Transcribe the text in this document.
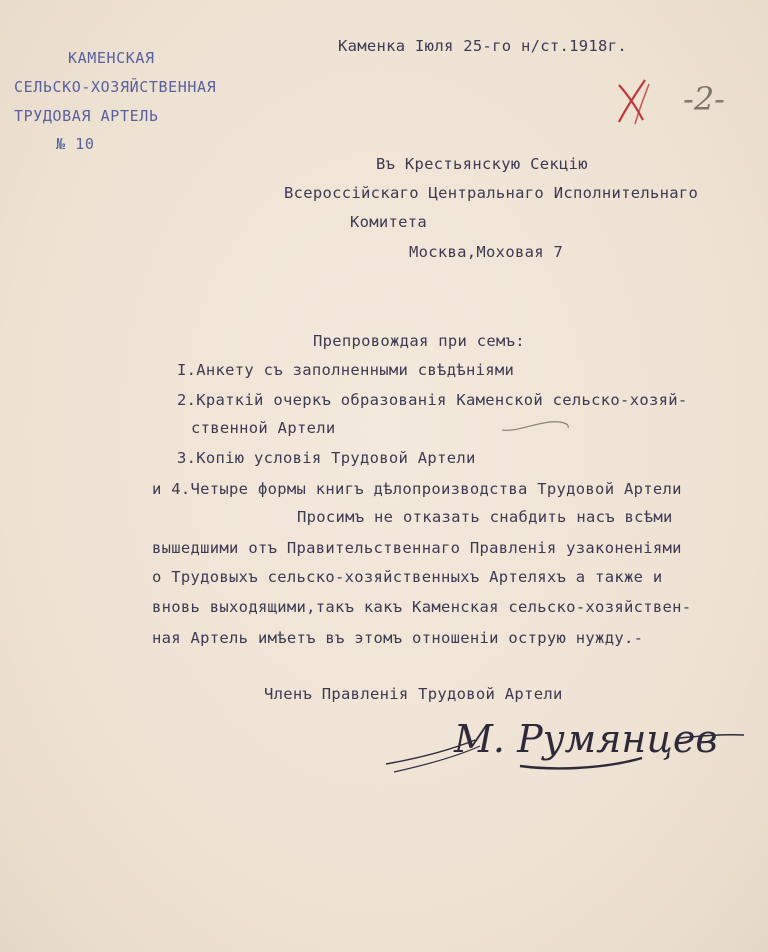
КАМЕНСКАЯ
СЕЛЬСКО-ХОЗЯЙСТВЕННАЯ
ТРУДОВАЯ АРТЕЛЬ
№ 10
Каменка Iюля 25-го н/ст.1918г.
-2-
Въ Крестьянскую Секцію
Всероссійскаго Центральнаго Исполнительнаго
Комитета
Москва,Моховая 7
Препровождая при семъ:
I.Анкету съ заполненными свѣдѣніями
2.Краткій очеркъ образованія Каменской сельско-хозяй-
ственной Артели
3.Копію условія Трудовой Артели
и 4.Четыре формы книгъ дѣлопроизводства Трудовой Артели
Просимъ не отказать снабдить насъ всѣми
вышедшими отъ Правительственнаго Правленія узаконеніями
о Трудовыхъ сельско-хозяйственныхъ Артеляхъ а также и
вновь выходящими,такъ какъ Каменская сельско-хозяйствен-
ная Артель имѣетъ въ этомъ отношеніи острую нужду.-
Членъ Правленія Трудовой Артели
М. Румянцев
